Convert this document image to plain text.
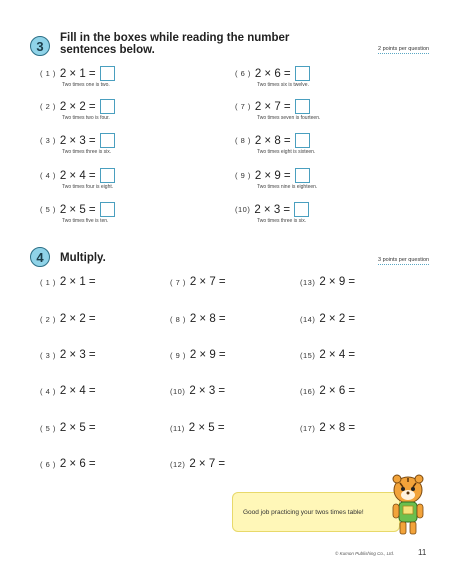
3
Fill in the boxes while reading the number
sentences below.	2 points per question
( 1 ) 2 × 1 =
Two times one is two.
( 2 ) 2 × 2 =
Two times two is four.
( 3 ) 2 × 3 =
Two times three is six.
( 4 ) 2 × 4 =
Two times four is eight.
( 5 ) 2 × 5 =
Two times five is ten.
( 6 ) 2 × 6 =
Two times six is twelve.
( 7 ) 2 × 7 =
Two times seven is fourteen.
( 8 ) 2 × 8 =
Two times eight is sixteen.
( 9 ) 2 × 9 =
Two times nine is eighteen.
(10) 2 × 3 =
Two times three is six.
4	Multiply.	3 points per question
( 1 ) 2 × 1 =
( 2 ) 2 × 2 =
( 3 ) 2 × 3 =
( 4 ) 2 × 4 =
( 5 ) 2 × 5 =
( 6 ) 2 × 6 =
( 7 ) 2 × 7 =
( 8 ) 2 × 8 =
( 9 ) 2 × 9 =
(10) 2 × 3 =
(11) 2 × 5 =
(12) 2 × 7 =
(13) 2 × 9 =
(14) 2 × 2 =
(15) 2 × 4 =
(16) 2 × 6 =
(17) 2 × 8 =
Good job practicing your twos times table!
© Kumon Publishing Co., Ltd.	11
